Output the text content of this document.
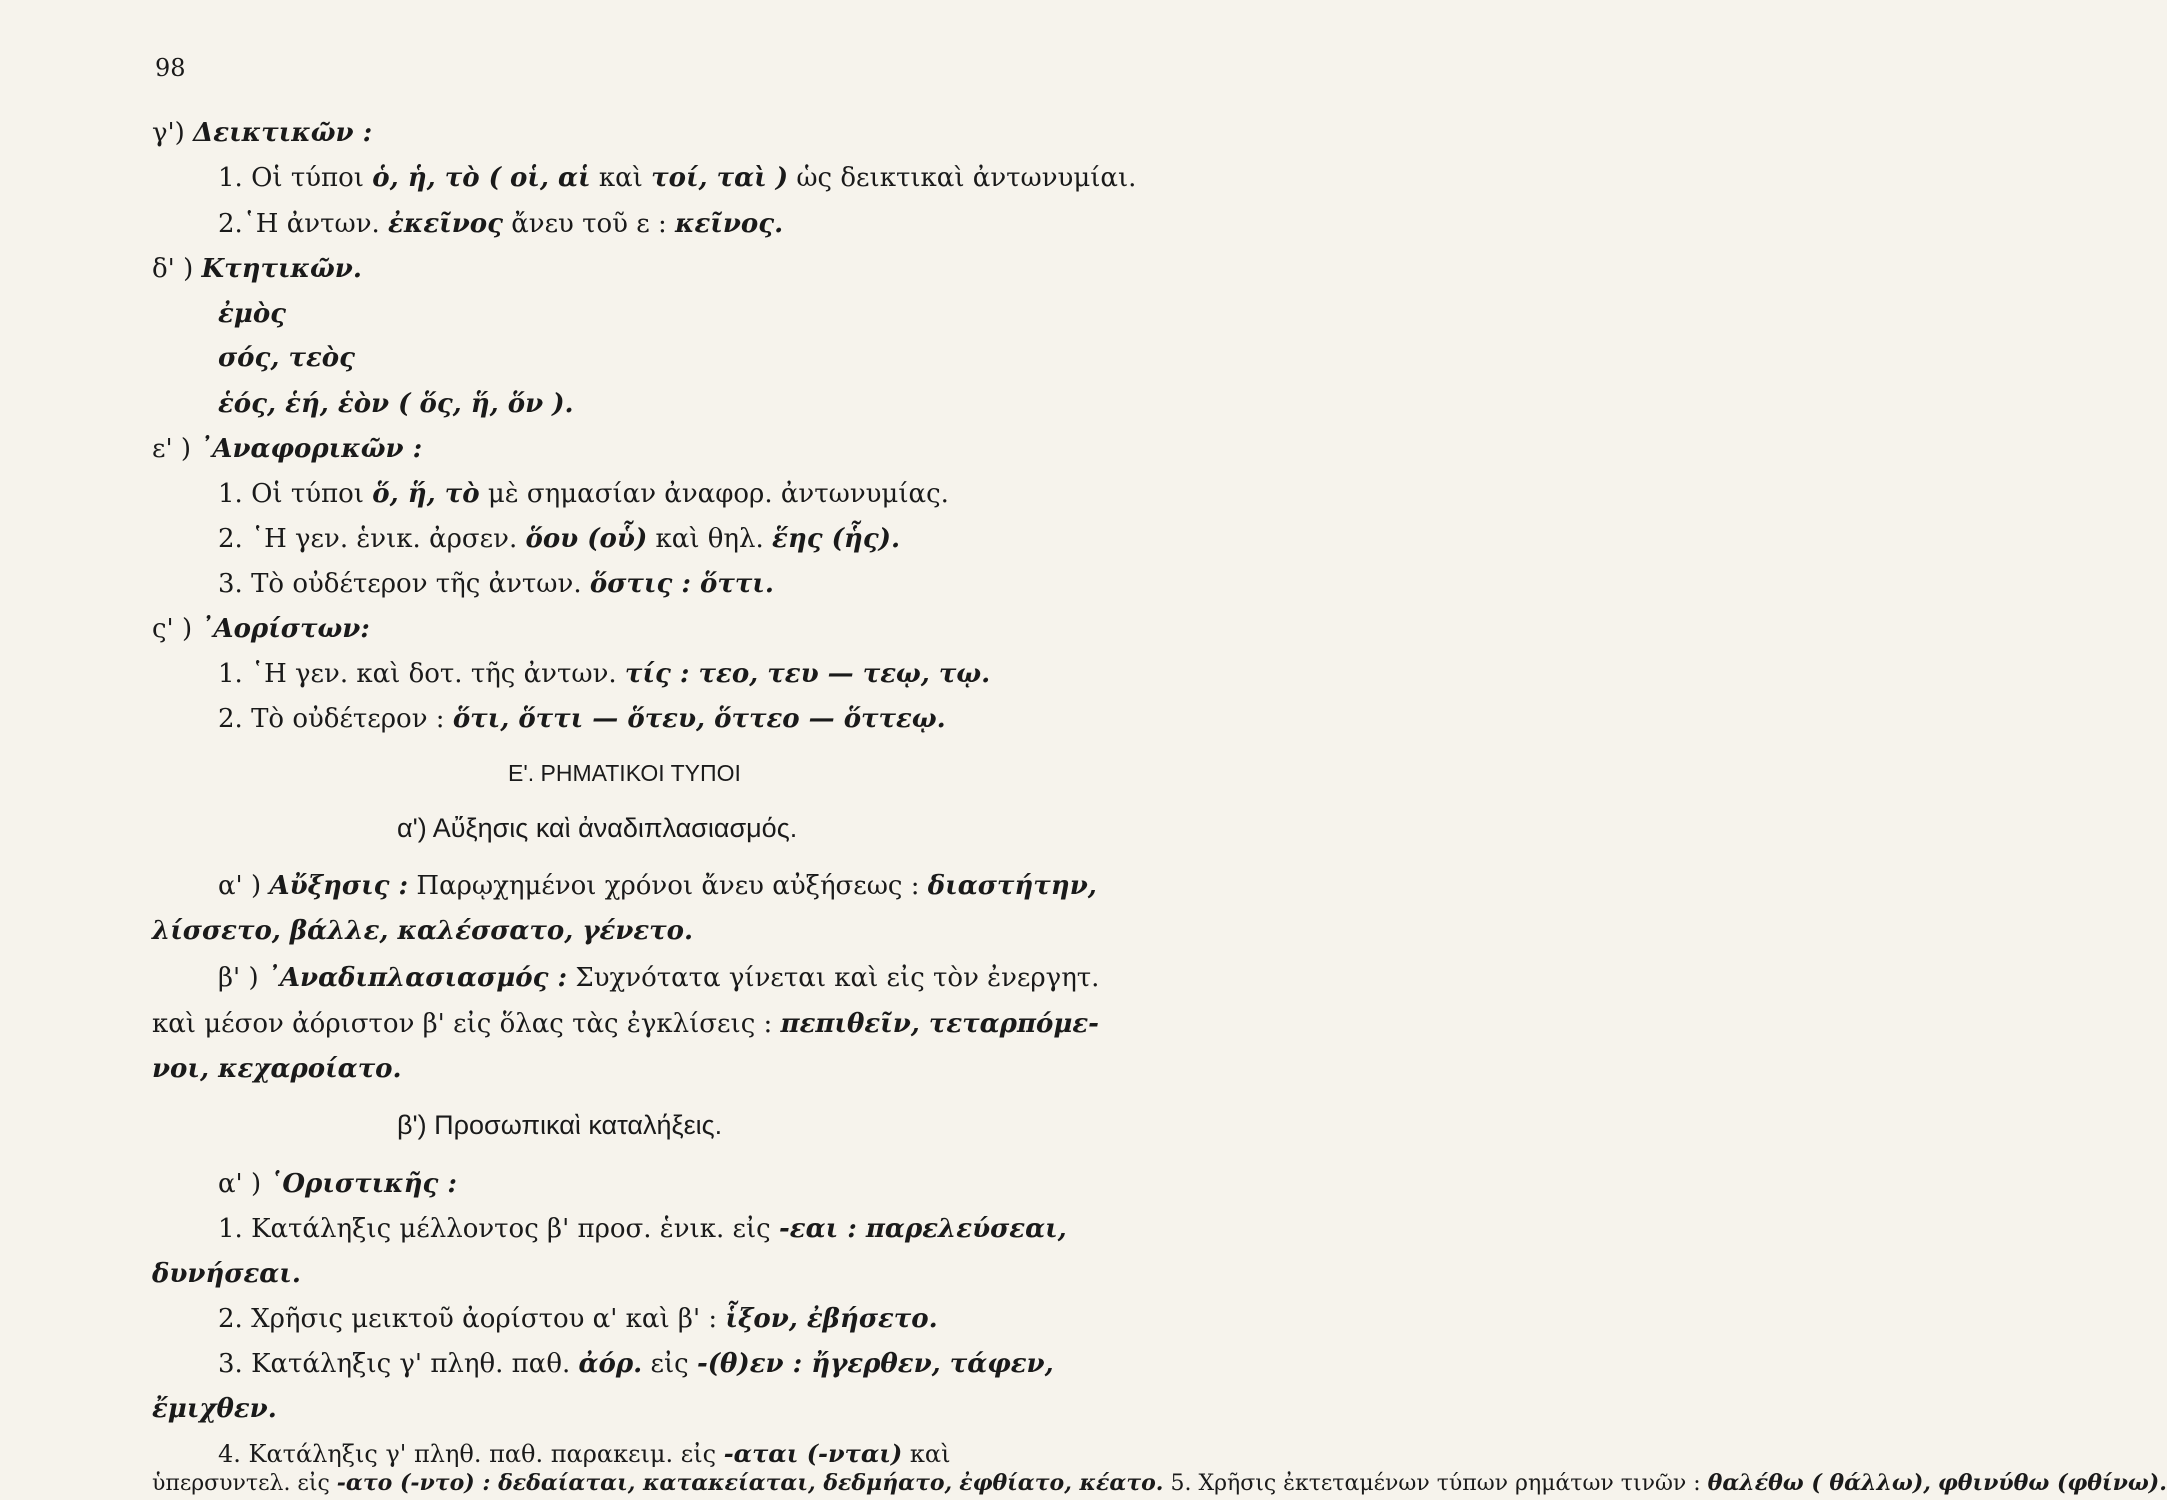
98
γ') Δεικτικῶν :
1. Οἱ τύποι ὁ, ἡ, τὸ ( οἱ, αἱ καὶ τοί, ταὶ ) ὡς δεικτικαὶ ἀντωνυμίαι.
2.῾Η ἀντων. ἐκεῖνος ἄνευ τοῦ ε : κεῖνος.
δ' ) Κτητικῶν.
ἐμὸς
σός, τεὸς
ἑός, ἑή, ἑὸν ( ὅς, ἥ, ὅν ).
ε' ) ᾿Αναφορικῶν :
1. Οἱ τύποι ὅ, ἥ, τὸ μὲ σημασίαν ἀναφορ. ἀντωνυμίας.
2. ῾Η γεν. ἑνικ. ἀρσεν. ὅου (οὗ) καὶ θηλ. ἕης (ἧς).
3. Τὸ οὐδέτερον τῆς ἀντων. ὅστις : ὅττι.
ς' ) ᾿Αορίστων:
1. ῾Η γεν. καὶ δοτ. τῆς ἀντων. τίς : τεο, τευ — τεῳ, τῳ.
2. Τὸ οὐδέτερον : ὅτι, ὅττι — ὅτευ, ὅττεο — ὅττεῳ.
Ε'. ΡΗΜΑΤΙΚΟΙ ΤΥΠΟΙ
α') Αὔξησις καὶ ἀναδιπλασιασμός.
α' ) Αὔξησις : Παρῳχημένοι χρόνοι ἄνευ αὐξήσεως : διαστήτην,
λίσσετο, βάλλε, καλέσσατο, γένετο.
β' ) ᾿Αναδιπλασιασμός : Συχνότατα γίνεται καὶ εἰς τὸν ἐνεργητ.
καὶ μέσον ἀόριστον β' εἰς ὅλας τὰς ἐγκλίσεις : πεπιθεῖν, τεταρπόμε-
νοι, κεχαροίατο.
β') Προσωπικαὶ καταλήξεις.
α' ) ῾Οριστικῆς :
1. Κατάληξις μέλλοντος β' προσ. ἑνικ. εἰς -εαι : παρελεύσεαι,
δυνήσεαι.
2. Χρῆσις μεικτοῦ ἀορίστου α' καὶ β' : ἷξον, ἐβήσετο.
3. Κατάληξις γ' πληθ. παθ. ἀόρ. εἰς -(θ)εν : ἤγερθεν, τάφεν,
ἔμιχθεν.
4. Κατάληξις γ' πληθ. παθ. παρακειμ. εἰς -αται (-νται) καὶ
ὑπερσυντελ. εἰς -ατο (-ντο) : δεδαίαται, κατακείαται, δεδμήατο, ἐφθίατο, κέατο. 5. Χρῆσις ἐκτεταμένων τύπων ρημάτων τινῶν : θαλέθω ( θάλλω), φθινύθω (φθίνω).
